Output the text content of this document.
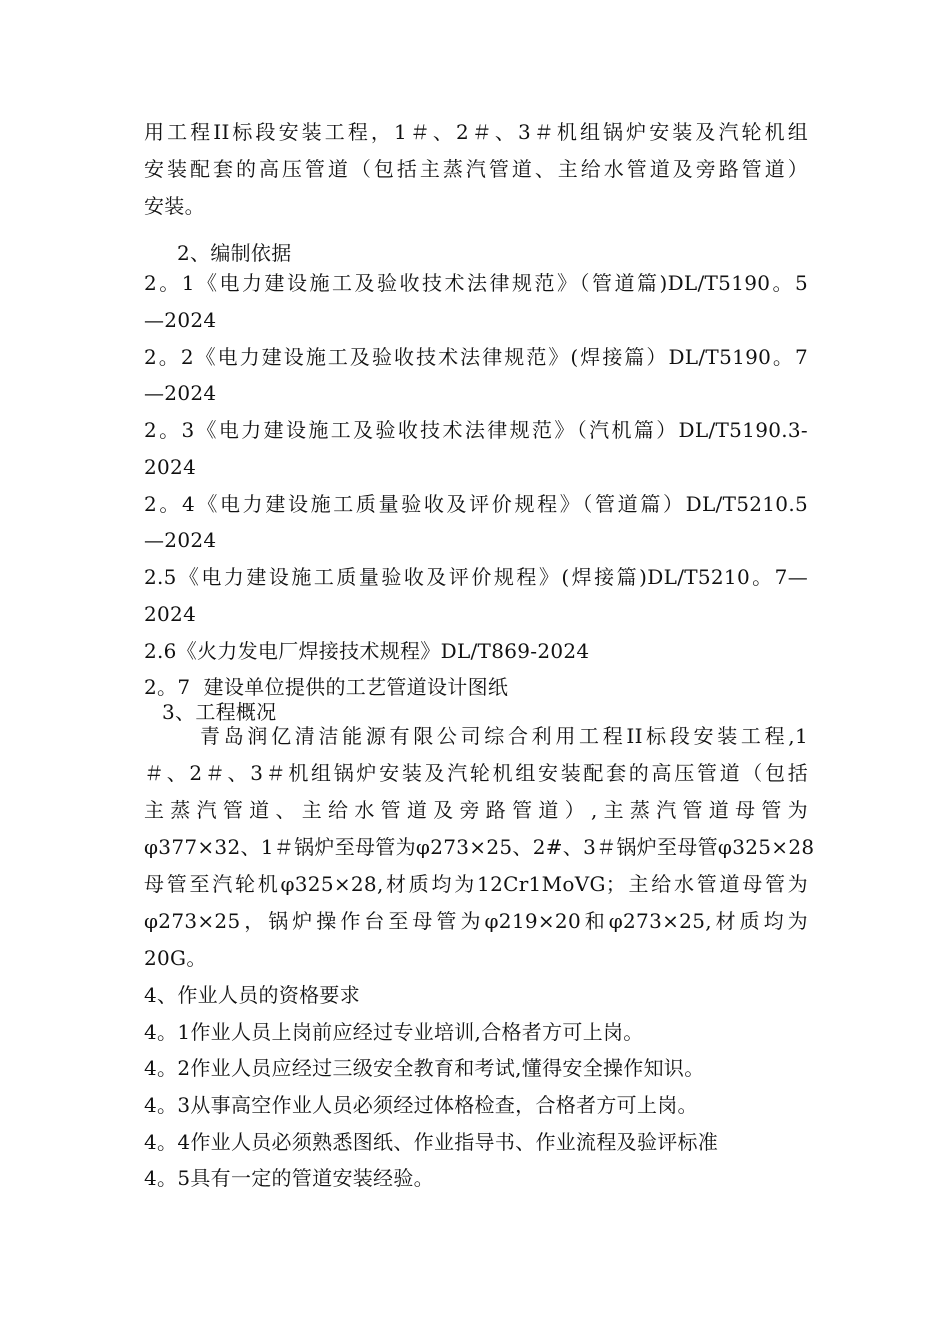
用工程II标段安装工程，1＃、2＃、3＃机组锅炉安装及汽轮机组

安装配套的高压管道（包括主蒸汽管道、主给水管道及旁路管道）

安装。

2、编制依据

2。1《电力建设施工及验收技术法律规范》（管道篇)DL/T5190。5

—2024

2。2《电力建设施工及验收技术法律规范》(焊接篇）DL/T5190。7

—2024

2。3《电力建设施工及验收技术法律规范》（汽机篇）DL/T5190.3-

2024

2。4《电力建设施工质量验收及评价规程》（管道篇）DL/T5210.5

—2024

2.5《电力建设施工质量验收及评价规程》(焊接篇)DL/T5210。7—

2024

2.6《火力发电厂焊接技术规程》DL/T869-2024

2。7  建设单位提供的工艺管道设计图纸

3、工程概况

青岛润亿清洁能源有限公司综合利用工程II标段安装工程,1

＃、2＃、3＃机组锅炉安装及汽轮机组安装配套的高压管道（包括

主蒸汽管道、主给水管道及旁路管道）,主蒸汽管道母管为

φ377×32、1＃锅炉至母管为φ273×25、2#、3＃锅炉至母管φ325×28

母管至汽轮机φ325×28,材质均为12Cr1MoVG；主给水管道母管为

φ273×25，锅炉操作台至母管为φ219×20和φ273×25,材质均为

20G。

4、作业人员的资格要求

4。1作业人员上岗前应经过专业培训,合格者方可上岗。

4。2作业人员应经过三级安全教育和考试,懂得安全操作知识。

4。3从事高空作业人员必须经过体格检查，合格者方可上岗。

4。4作业人员必须熟悉图纸、作业指导书、作业流程及验评标准

4。5具有一定的管道安装经验。
